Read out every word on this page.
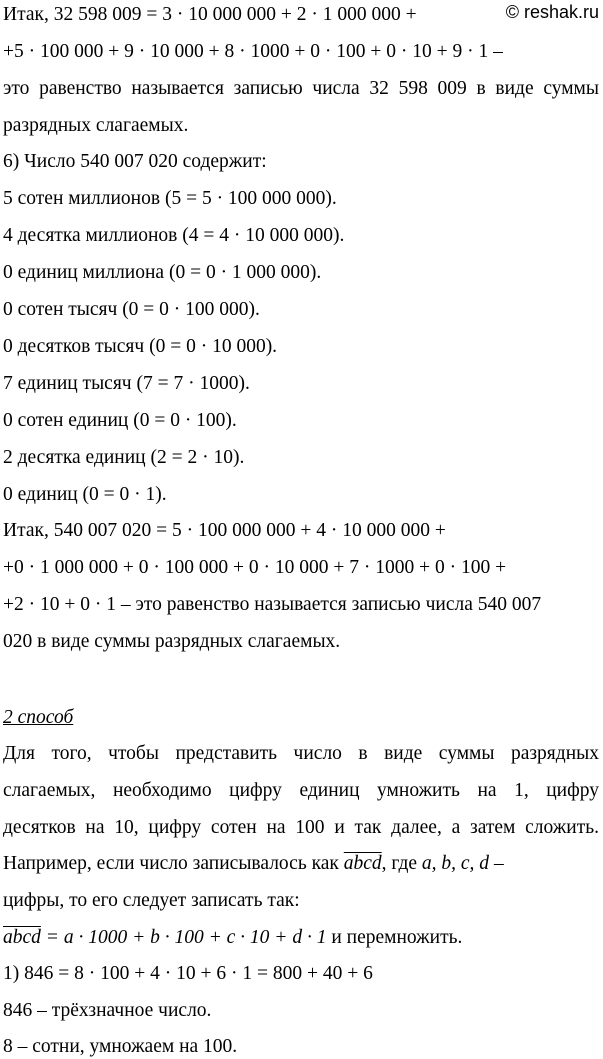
© reshak.ru
Итак, 32 598 009 = 3 · 10 000 000 + 2 · 1 000 000 +
+5 · 100 000 + 9 · 10 000 + 8 · 1000 + 0 · 100 + 0 · 10 + 9 · 1 –
это равенство называется записью числа 32 598 009 в виде суммы
разрядных слагаемых.
6) Число 540 007 020 содержит:
5 сотен миллионов (5 = 5 · 100 000 000).
4 десятка миллионов (4 = 4 · 10 000 000).
0 единиц миллиона (0 = 0 · 1 000 000).
0 сотен тысяч (0 = 0 · 100 000).
0 десятков тысяч (0 = 0 · 10 000).
7 единиц тысяч (7 = 7 · 1000).
0 сотен единиц (0 = 0 · 100).
2 десятка единиц (2 = 2 · 10).
0 единиц (0 = 0 · 1).
Итак, 540 007 020 = 5 · 100 000 000 + 4 · 10 000 000 +
+0 · 1 000 000 + 0 · 100 000 + 0 · 10 000 + 7 · 1000 + 0 · 100 +
+2 · 10 + 0 · 1 – это равенство называется записью числа 540 007
020 в виде суммы разрядных слагаемых.
2 способ
Для того, чтобы представить число в виде суммы разрядных
слагаемых, необходимо цифру единиц умножить на 1, цифру
десятков на 10, цифру сотен на 100 и так далее, а затем сложить.
Например, если число записывалось как abcd, где a, b, c, d –
цифры, то его следует записать так:
abcd = a · 1000 + b · 100 + c · 10 + d · 1 и перемножить.
1) 846 = 8 · 100 + 4 · 10 + 6 · 1 = 800 + 40 + 6
846 – трёхзначное число.
8 – сотни, умножаем на 100.
